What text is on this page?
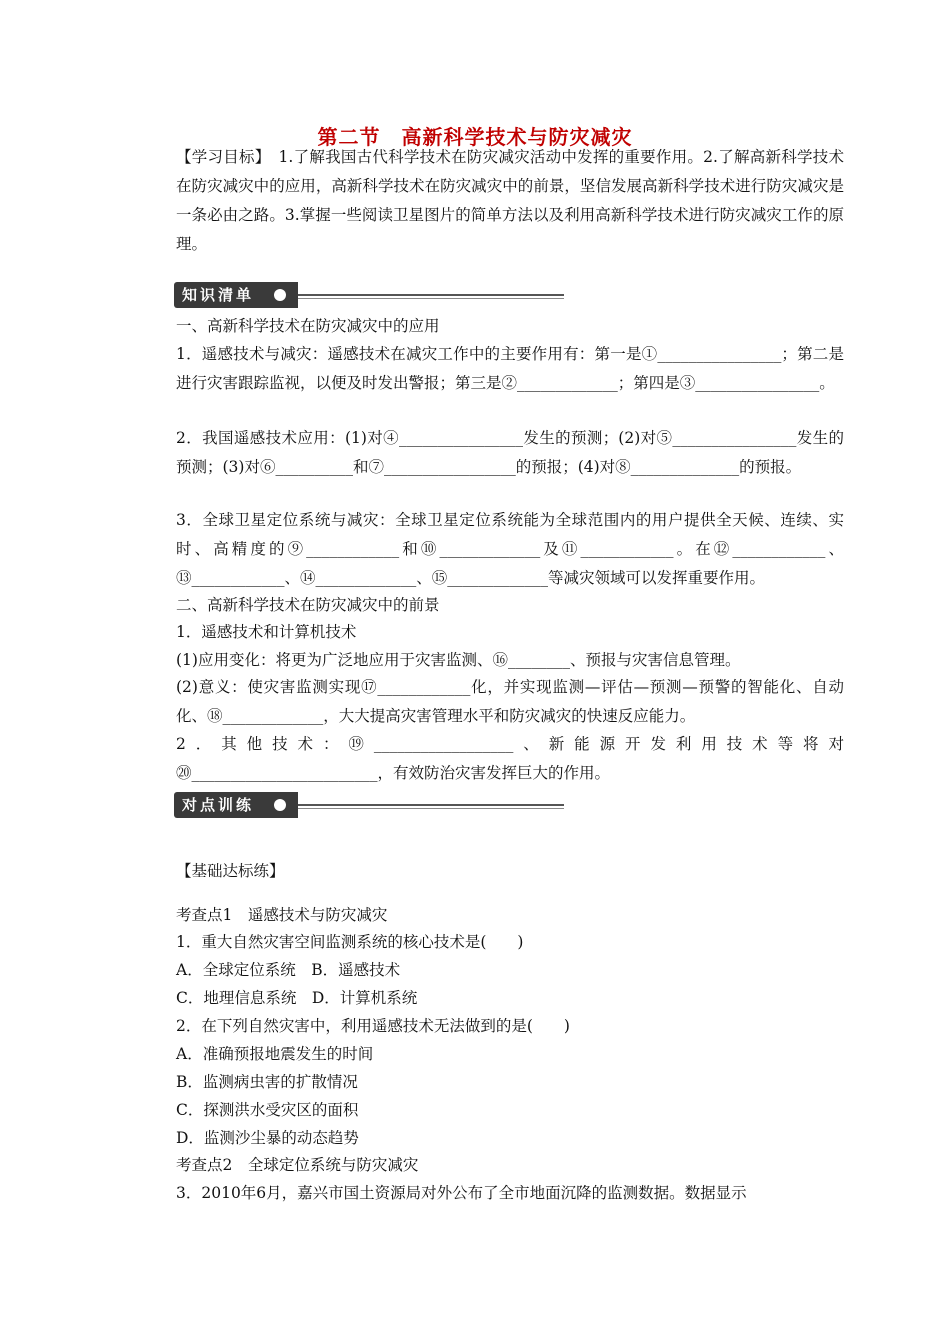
第二节　高新科学技术与防灾减灾
【学习目标】　1.了解我国古代科学技术在防灾减灾活动中发挥的重要作用。2.了解高新科学技术在防灾减灾中的应用，高新科学技术在防灾减灾中的前景，坚信发展高新科学技术进行防灾减灾是一条必由之路。3.掌握一些阅读卫星图片的简单方法以及利用高新科学技术进行防灾减灾工作的原理。
知识清单
一、高新科学技术在防灾减灾中的应用
1．遥感技术与减灾：遥感技术在减灾工作中的主要作用有：第一是①________________；第二是进行灾害跟踪监视，以便及时发出警报；第三是②_____________；第四是③________________。
2．我国遥感技术应用：(1)对④________________发生的预测；(2)对⑤________________发生的预测；(3)对⑥__________和⑦_________________的预报；(4)对⑧______________的预报。
3．全球卫星定位系统与减灾：全球卫星定位系统能为全球范围内的用户提供全天候、连续、实时、高精度的⑨____________和⑩_____________及⑪____________。在⑫____________、⑬____________、⑭_____________、⑮_____________等减灾领域可以发挥重要作用。
二、高新科学技术在防灾减灾中的前景
1．遥感技术和计算机技术
(1)应用变化：将更为广泛地应用于灾害监测、⑯________、预报与灾害信息管理。
(2)意义：使灾害监测实现⑰____________化，并实现监测—评估—预测—预警的智能化、自动化、⑱_____________，大大提高灾害管理水平和防灾减灾的快速反应能力。
2．其他技术：⑲__________________、新能源开发利用技术等将对⑳________________________，有效防治灾害发挥巨大的作用。
对点训练
【基础达标练】
考查点1　遥感技术与防灾减灾
1．重大自然灾害空间监测系统的核心技术是(　　)
A．全球定位系统　B．遥感技术
C．地理信息系统　D．计算机系统
2．在下列自然灾害中，利用遥感技术无法做到的是(　　)
A．准确预报地震发生的时间
B．监测病虫害的扩散情况
C．探测洪水受灾区的面积
D．监测沙尘暴的动态趋势
考查点2　全球定位系统与防灾减灾
3．2010年6月，嘉兴市国土资源局对外公布了全市地面沉降的监测数据。数据显示
